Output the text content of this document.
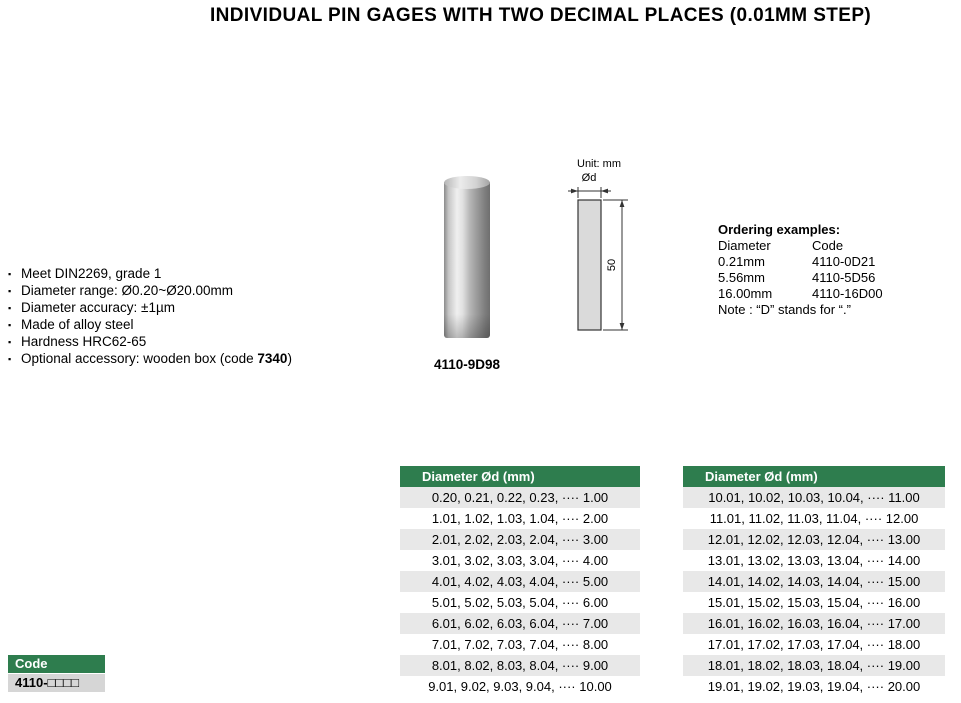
INDIVIDUAL PIN GAGES WITH TWO DECIMAL PLACES (0.01MM STEP)
▪ Meet DIN2269, grade 1
▪ Diameter range: Ø0.20~Ø20.00mm
▪ Diameter accuracy: ±1µm
▪ Made of alloy steel
▪ Hardness HRC62-65
▪ Optional accessory: wooden box (code 7340)	4110-9D98
Unit: mm
Ød
50
Ordering examples:
Diameter	Code
0.21mm	4110-0D21
5.56mm	4110-5D56
16.00mm	4110-16D00
Note : “D” stands for “.”
Code
4110-□□□□
Diameter Ød (mm)
0.20, 0.21, 0.22, 0.23, ···· 1.00
1.01, 1.02, 1.03, 1.04, ···· 2.00
2.01, 2.02, 2.03, 2.04, ···· 3.00
3.01, 3.02, 3.03, 3.04, ···· 4.00
4.01, 4.02, 4.03, 4.04, ···· 5.00
5.01, 5.02, 5.03, 5.04, ···· 6.00
6.01, 6.02, 6.03, 6.04, ···· 7.00
7.01, 7.02, 7.03, 7.04, ···· 8.00
8.01, 8.02, 8.03, 8.04, ···· 9.00
9.01, 9.02, 9.03, 9.04, ···· 10.00
Diameter Ød (mm)
10.01, 10.02, 10.03, 10.04, ···· 11.00
11.01, 11.02, 11.03, 11.04, ···· 12.00
12.01, 12.02, 12.03, 12.04, ···· 13.00
13.01, 13.02, 13.03, 13.04, ···· 14.00
14.01, 14.02, 14.03, 14.04, ···· 15.00
15.01, 15.02, 15.03, 15.04, ···· 16.00
16.01, 16.02, 16.03, 16.04, ···· 17.00
17.01, 17.02, 17.03, 17.04, ···· 18.00
18.01, 18.02, 18.03, 18.04, ···· 19.00
19.01, 19.02, 19.03, 19.04, ···· 20.00
